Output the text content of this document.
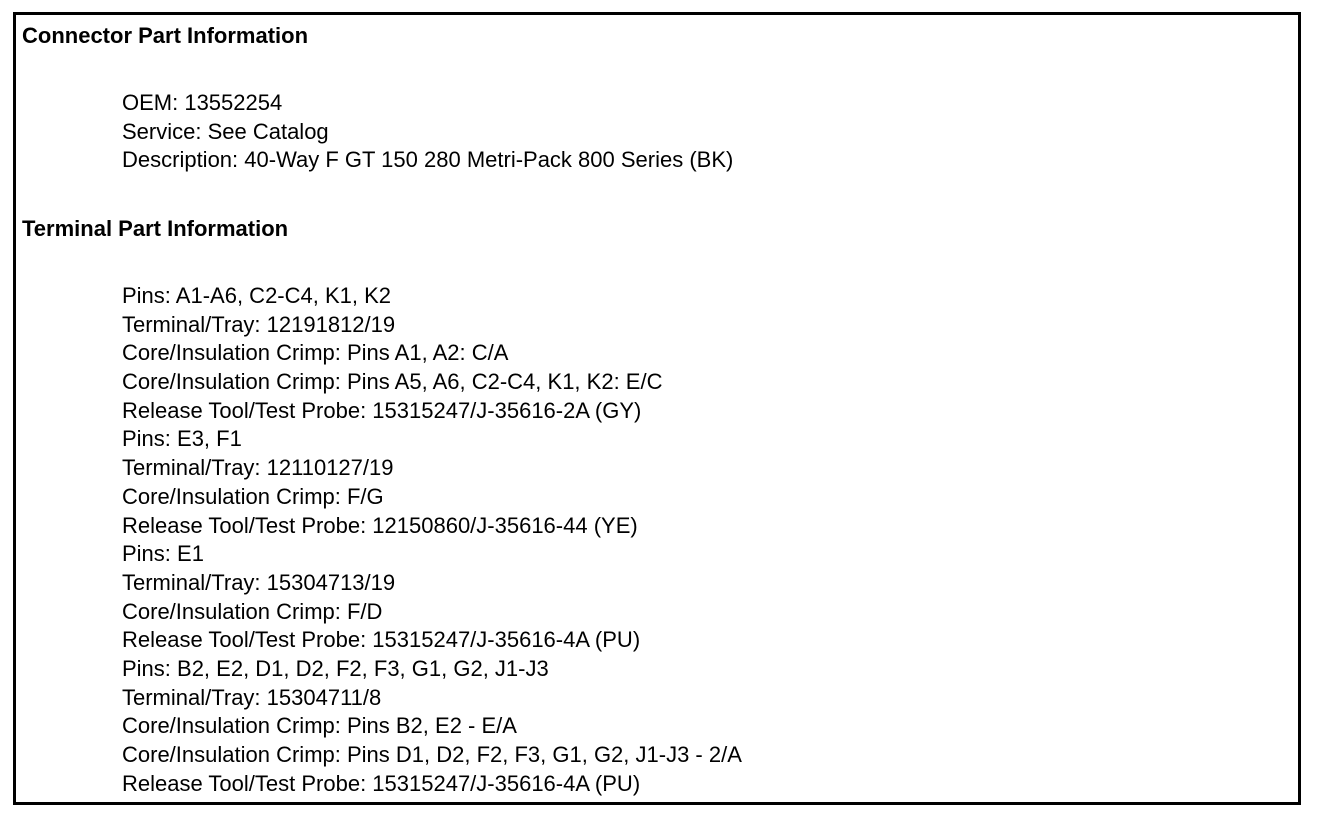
Connector Part Information
OEM: 13552254
Service: See Catalog
Description: 40-Way F GT 150 280 Metri-Pack 800 Series (BK)
Terminal Part Information
Pins: A1-A6, C2-C4, K1, K2
Terminal/Tray: 12191812/19
Core/Insulation Crimp: Pins A1, A2: C/A
Core/Insulation Crimp: Pins A5, A6, C2-C4, K1, K2: E/C
Release Tool/Test Probe: 15315247/J-35616-2A (GY)
Pins: E3, F1
Terminal/Tray: 12110127/19
Core/Insulation Crimp: F/G
Release Tool/Test Probe: 12150860/J-35616-44 (YE)
Pins: E1
Terminal/Tray: 15304713/19
Core/Insulation Crimp: F/D
Release Tool/Test Probe: 15315247/J-35616-4A (PU)
Pins: B2, E2, D1, D2, F2, F3, G1, G2, J1-J3
Terminal/Tray: 15304711/8
Core/Insulation Crimp: Pins B2, E2 - E/A
Core/Insulation Crimp: Pins D1, D2, F2, F3, G1, G2, J1-J3 - 2/A
Release Tool/Test Probe: 15315247/J-35616-4A (PU)
